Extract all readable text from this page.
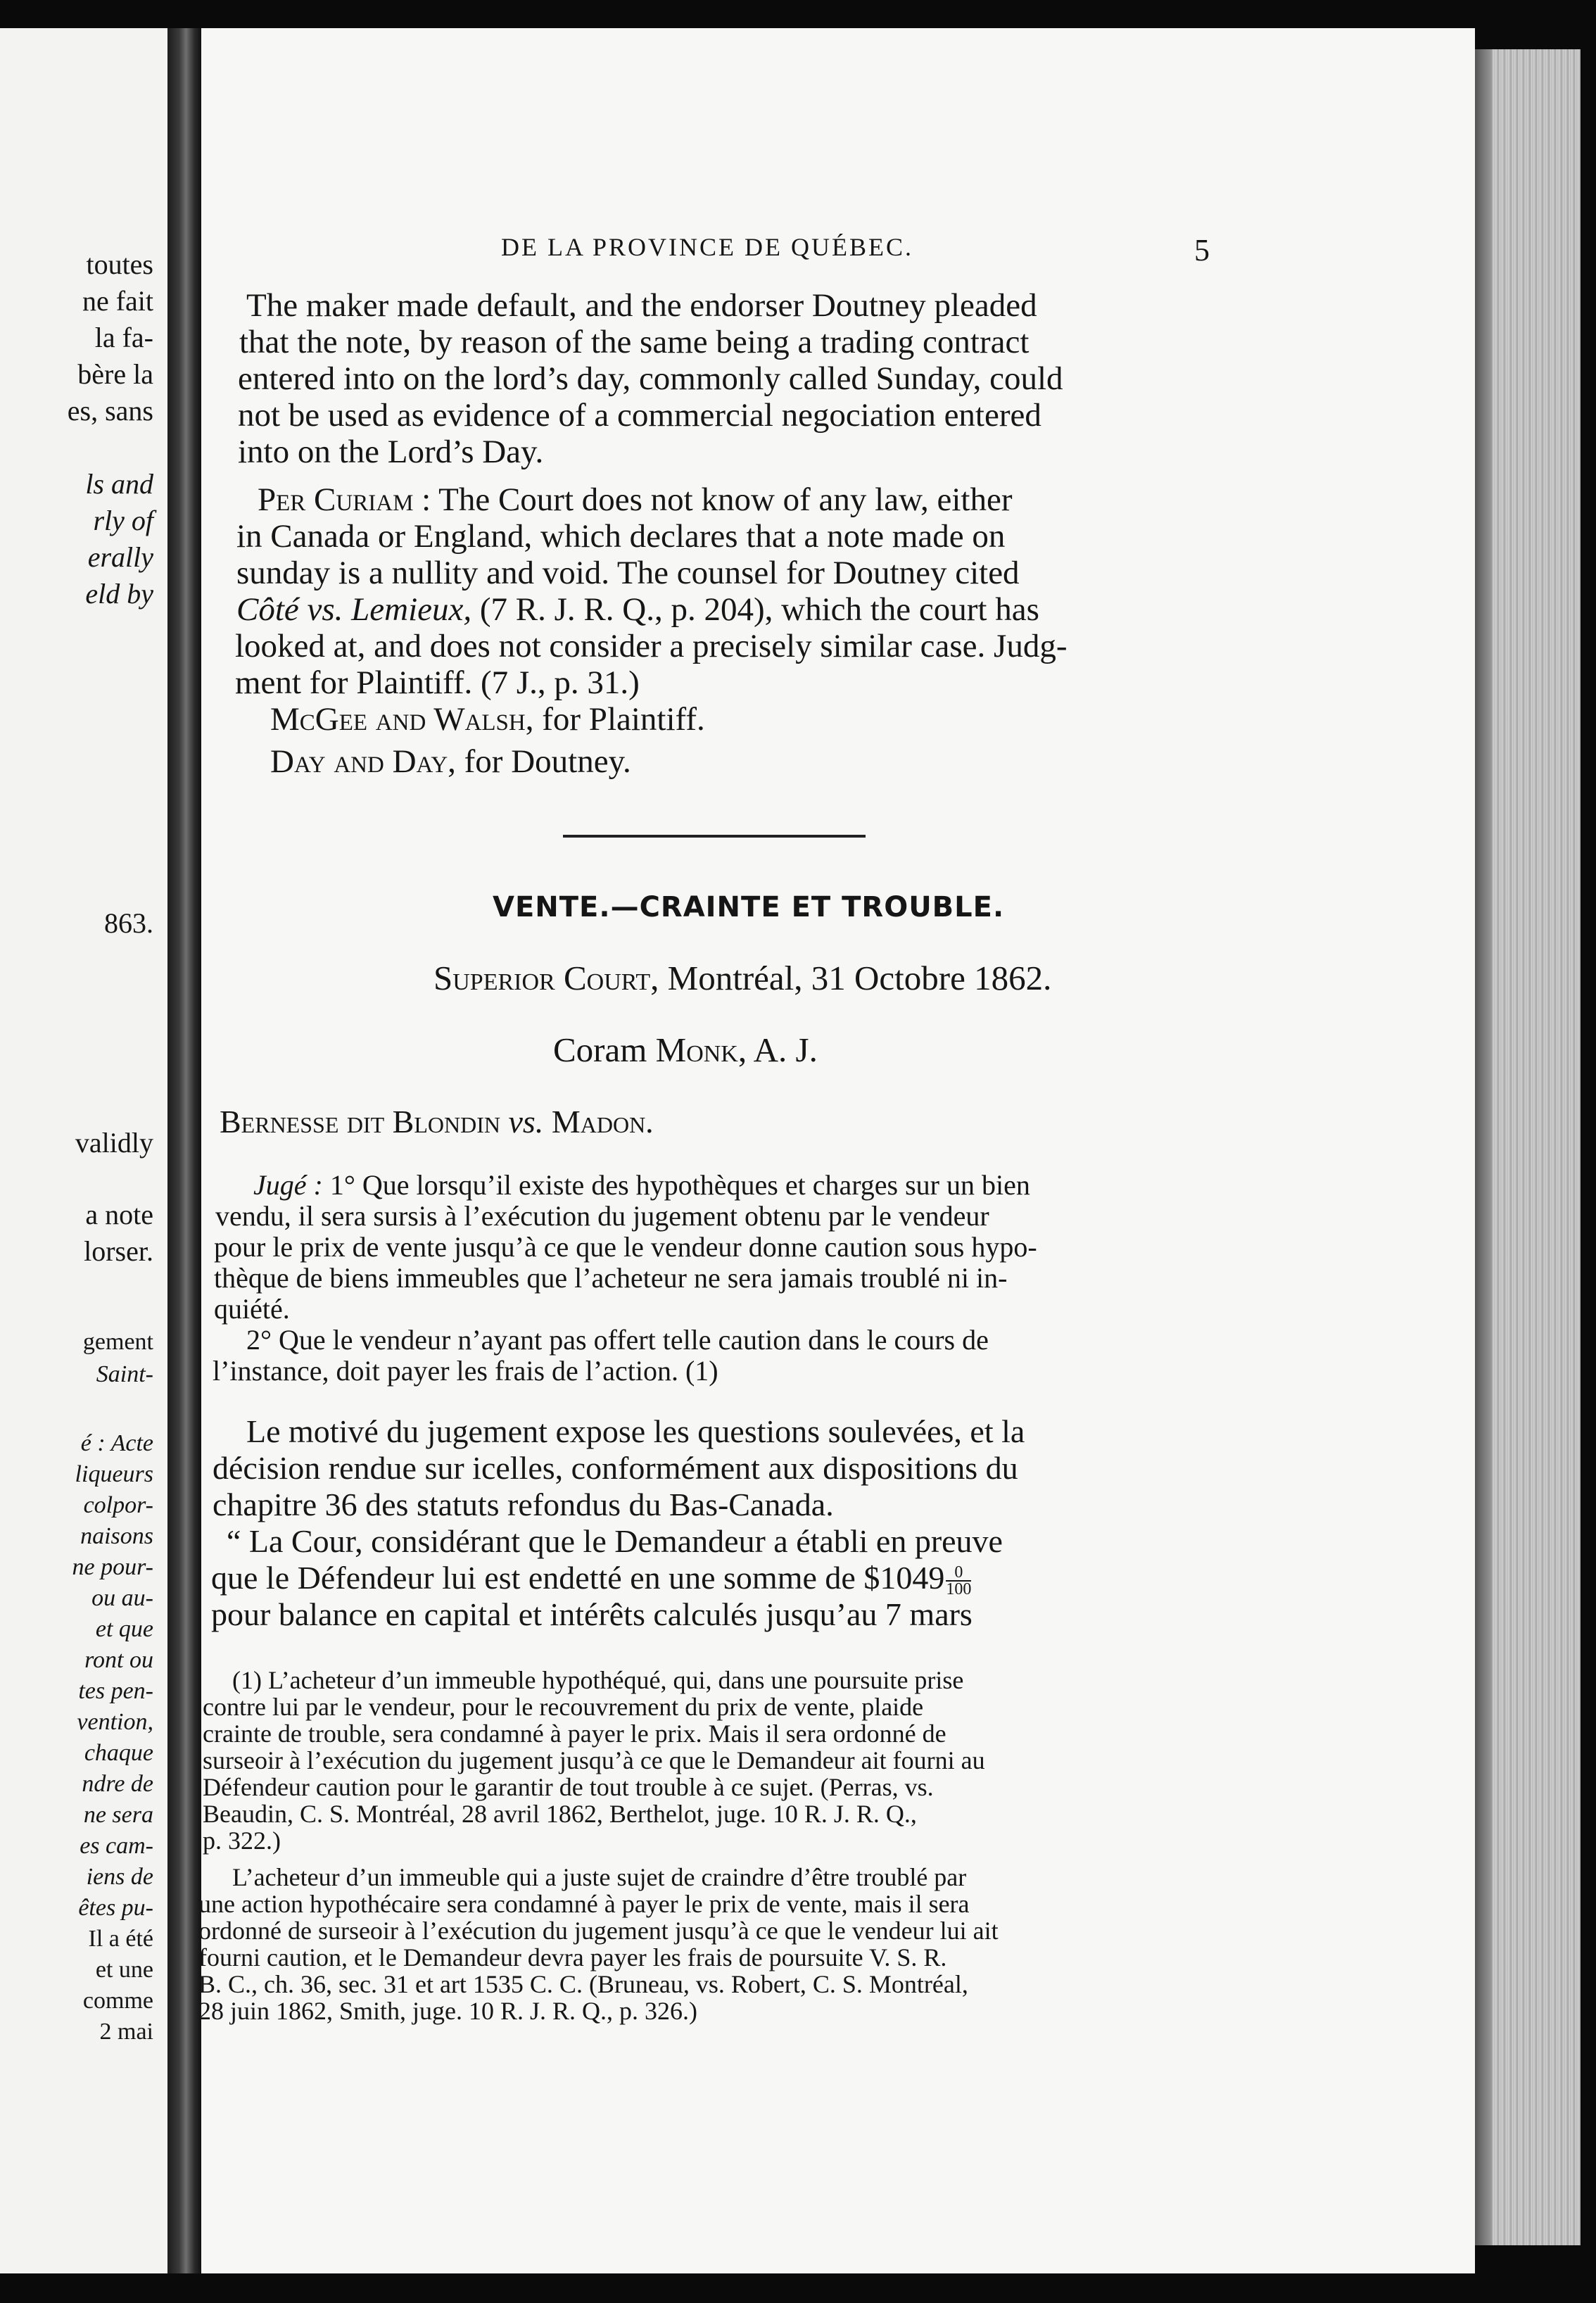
toutes
ne fait
la fa-
bère la
es, sans
ls and
rly of
erally
eld by
863.
validly
a note
lorser.
gement
Saint-
é : Acte
liqueurs
colpor-
naisons
ne pour-
ou au-
et que
ront ou
tes pen-
vention,
chaque
ndre de
ne sera
es cam-
iens de
êtes pu-
Il a été
et une
comme
2 mai
DE LA PROVINCE DE QUÉBEC.	5
The maker made default, and the endorser Doutney pleaded
that the note, by reason of the same being a trading contract
entered into on the lord’s day, commonly called Sunday, could
not be used as evidence of a commercial negociation entered
into on the Lord’s Day.
Per Curiam : The Court does not know of any law, either
in Canada or England, which declares that a note made on
sunday is a nullity and void. The counsel for Doutney cited
Côté vs. Lemieux, (7 R. J. R. Q., p. 204), which the court has
looked at, and does not consider a precisely similar case. Judg-
ment for Plaintiff. (7 J., p. 31.)
McGee and Walsh, for Plaintiff.
Day and Day, for Doutney.
VENTE.—CRAINTE ET TROUBLE.
Superior Court, Montréal, 31 Octobre 1862.
Coram Monk, A. J.
Bernesse dit Blondin vs. Madon.
Jugé : 1° Que lorsqu’il existe des hypothèques et charges sur un bien
vendu, il sera sursis à l’exécution du jugement obtenu par le vendeur
pour le prix de vente jusqu’à ce que le vendeur donne caution sous hypo-
thèque de biens immeubles que l’acheteur ne sera jamais troublé ni in-
quiété.
2° Que le vendeur n’ayant pas offert telle caution dans le cours de
l’instance, doit payer les frais de l’action. (1)
Le motivé du jugement expose les questions soulevées, et la
décision rendue sur icelles, conformément aux dispositions du
chapitre 36 des statuts refondus du Bas-Canada.
“ La Cour, considérant que le Demandeur a établi en preuve
que le Défendeur lui est endetté en une somme de $1049 $\frac{0}{100}$
pour balance en capital et intérêts calculés jusqu’au 7 mars
(1) L’acheteur d’un immeuble hypothéqué, qui, dans une poursuite prise
contre lui par le vendeur, pour le recouvrement du prix de vente, plaide
crainte de trouble, sera condamné à payer le prix. Mais il sera ordonné de
surseoir à l’exécution du jugement jusqu’à ce que le Demandeur ait fourni au
Défendeur caution pour le garantir de tout trouble à ce sujet. (Perras, vs.
Beaudin, C. S. Montréal, 28 avril 1862, Berthelot, juge. 10 R. J. R. Q.,
p. 322.)
L’acheteur d’un immeuble qui a juste sujet de craindre d’être troublé par
une action hypothécaire sera condamné à payer le prix de vente, mais il sera
ordonné de surseoir à l’exécution du jugement jusqu’à ce que le vendeur lui ait
fourni caution, et le Demandeur devra payer les frais de poursuite V. S. R.
B. C., ch. 36, sec. 31 et art 1535 C. C. (Bruneau, vs. Robert, C. S. Montréal,
28 juin 1862, Smith, juge. 10 R. J. R. Q., p. 326.)
